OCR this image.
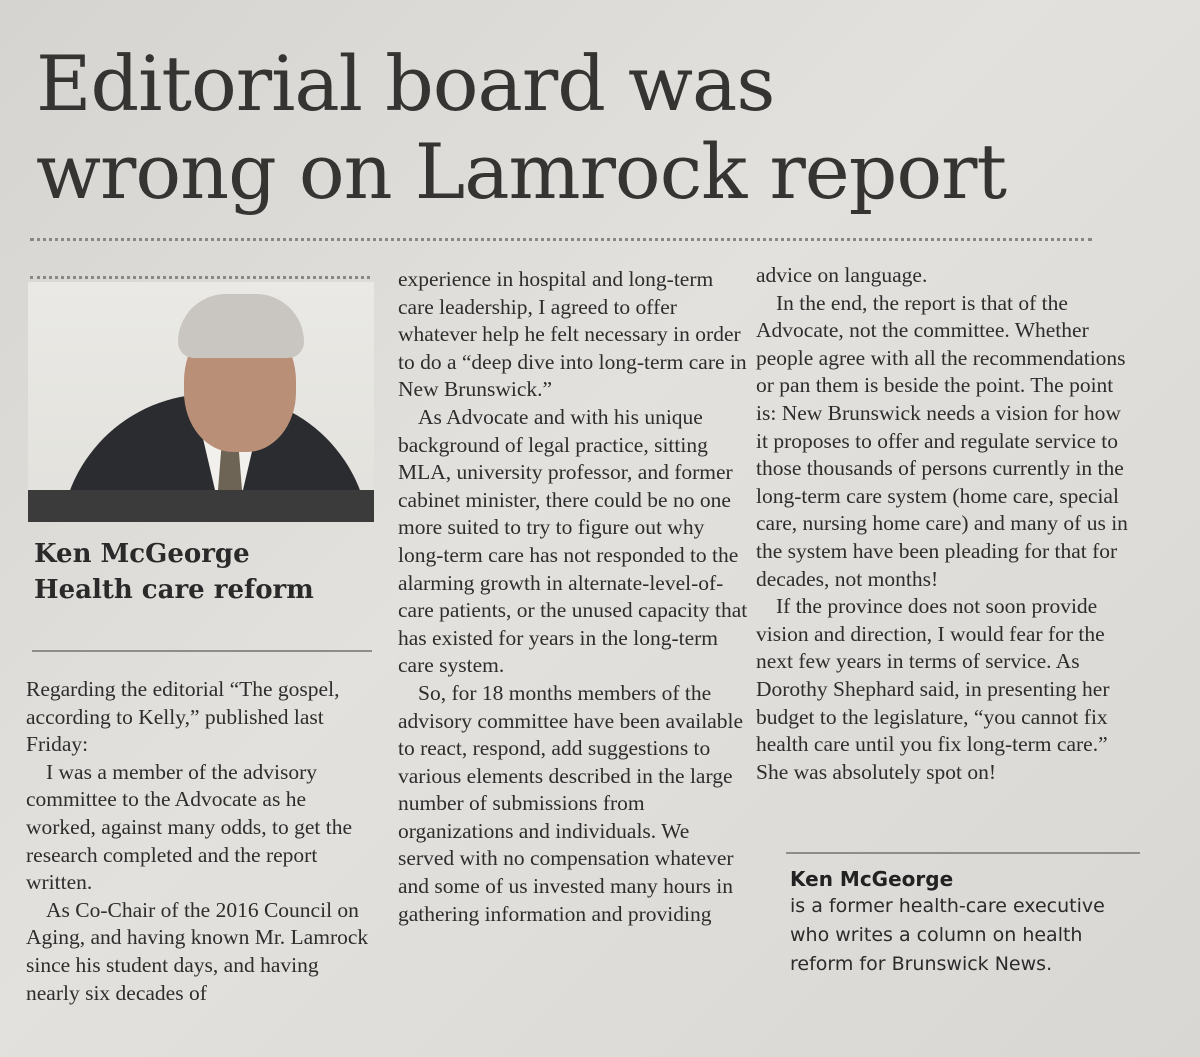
Editorial board was
wrong on Lamrock report

Ken McGeorge
Health care reform

Regarding the editorial “The gospel, according to Kelly,” published last Friday:

I was a member of the advisory committee to the Advocate as he worked, against many odds, to get the research completed and the report written.

As Co-Chair of the 2016 Council on Aging, and having known Mr. Lamrock since his student days, and having nearly six decades of

experience in hospital and long-term care leadership, I agreed to offer whatever help he felt necessary in order to do a “deep dive into long-term care in New Brunswick.”

As Advocate and with his unique background of legal practice, sitting MLA, university professor, and former cabinet minister, there could be no one more suited to try to figure out why long-term care has not responded to the alarming growth in alternate-level-of-care patients, or the unused capacity that has existed for years in the long-term care system.

So, for 18 months members of the advisory committee have been available to react, respond, add suggestions to various elements described in the large number of submissions from organizations and individuals. We served with no compensation whatever and some of us invested many hours in gathering information and providing

advice on language.

In the end, the report is that of the Advocate, not the committee. Whether people agree with all the recommendations or pan them is beside the point. The point is: New Brunswick needs a vision for how it proposes to offer and regulate service to those thousands of persons currently in the long-term care system (home care, special care, nursing home care) and many of us in the system have been pleading for that for decades, not months!

If the province does not soon provide vision and direction, I would fear for the next few years in terms of service. As Dorothy Shephard said, in presenting her budget to the legislature, “you cannot fix health care until you fix long-term care.” She was absolutely spot on!

Ken McGeorge

is a former health-care executive who writes a column on health reform for Brunswick News.
